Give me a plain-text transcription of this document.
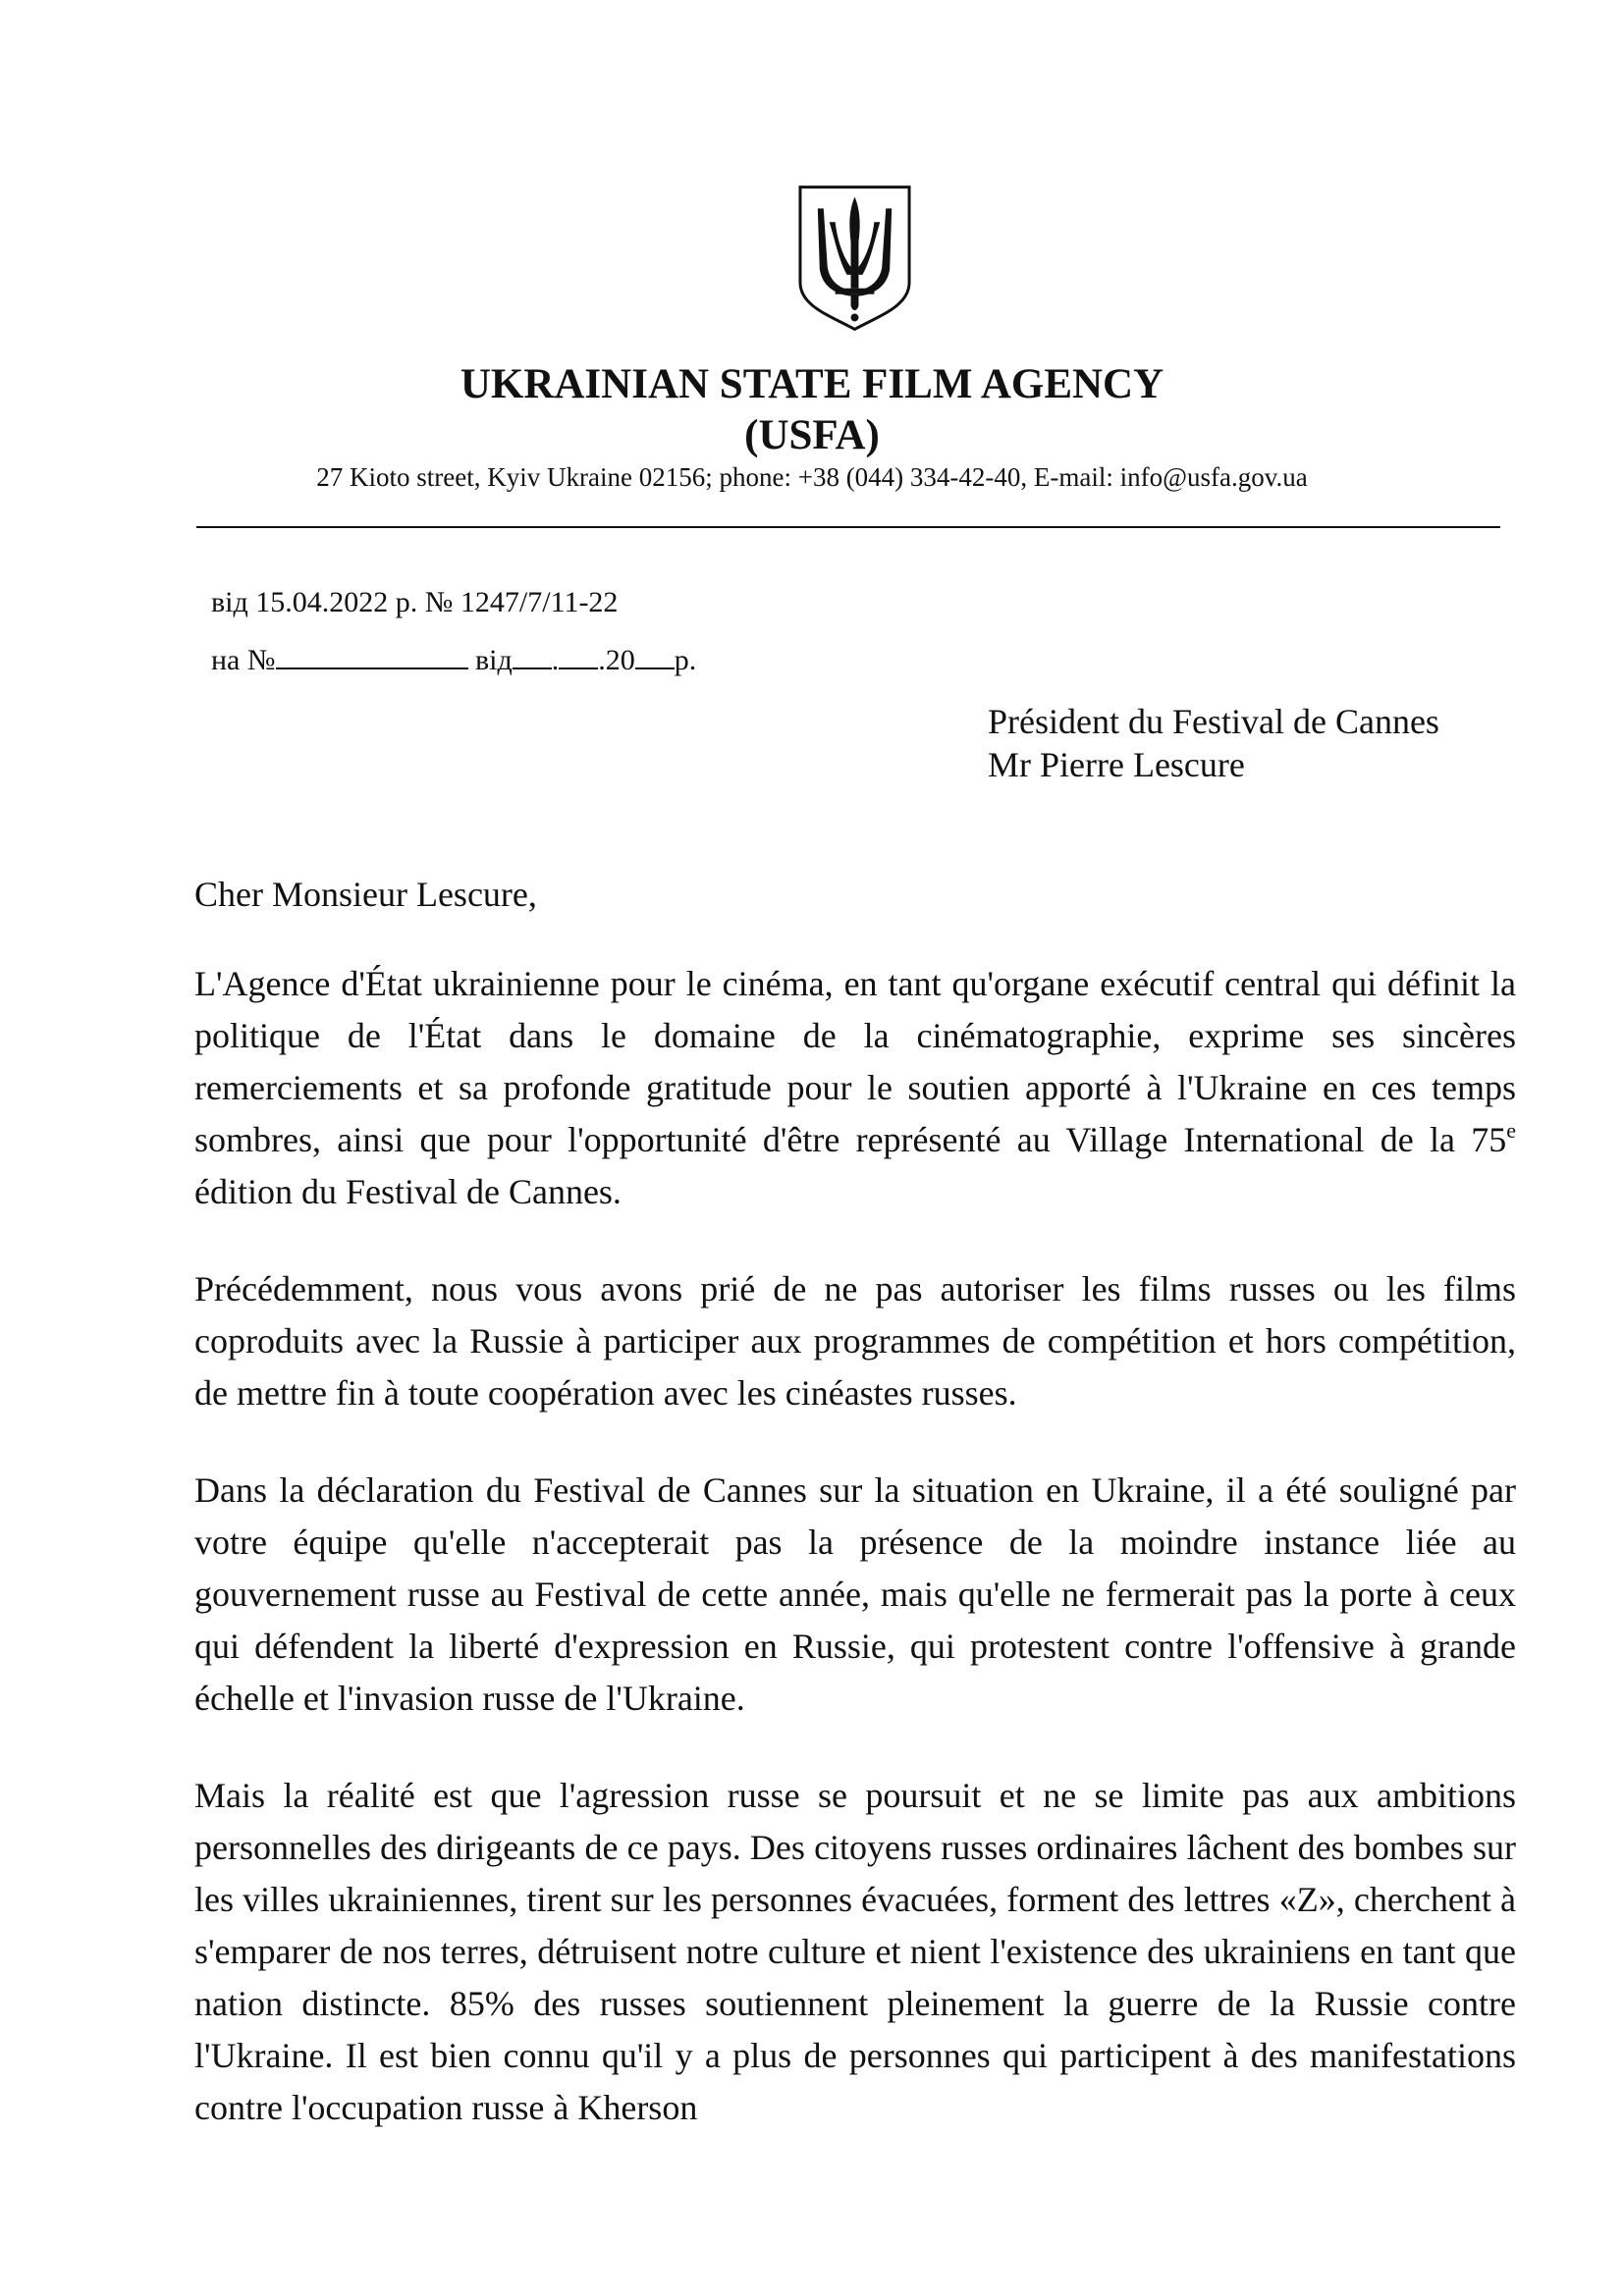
UKRAINIAN STATE FILM AGENCY
(USFA)
27 Kioto street, Kyiv Ukraine 02156; phone: +38 (044) 334-42-40, E-mail: info@usfa.gov.ua
від 15.04.2022 р. № 1247/7/11-22
на №	від . .20 р.
Président du Festival de Cannes
Mr Pierre Lescure
Cher Monsieur Lescure,

L'Agence d'État ukrainienne pour le cinéma, en tant qu'organe exécutif central qui définit la politique de l'État dans le domaine de la cinématographie, exprime ses sincères remerciements et sa profonde gratitude pour le soutien apporté à l'Ukraine en ces temps sombres, ainsi que pour l'opportunité d'être représenté au Village International de la 75e édition du Festival de Cannes.

Précédemment, nous vous avons prié de ne pas autoriser les films russes ou les films coproduits avec la Russie à participer aux programmes de compétition et hors compétition, de mettre fin à toute coopération avec les cinéastes russes.

Dans la déclaration du Festival de Cannes sur la situation en Ukraine, il a été souligné par votre équipe qu'elle n'accepterait pas la présence de la moindre instance liée au gouvernement russe au Festival de cette année, mais qu'elle ne fermerait pas la porte à ceux qui défendent la liberté d'expression en Russie, qui protestent contre l'offensive à grande échelle et l'invasion russe de l'Ukraine.

Mais la réalité est que l'agression russe se poursuit et ne se limite pas aux ambitions personnelles des dirigeants de ce pays. Des citoyens russes ordinaires lâchent des bombes sur les villes ukrainiennes, tirent sur les personnes évacuées, forment des lettres «Z», cherchent à s'emparer de nos terres, détruisent notre culture et nient l'existence des ukrainiens en tant que nation distincte. 85% des russes soutiennent pleinement la guerre de la Russie contre l'Ukraine. Il est bien connu qu'il y a plus de personnes qui participent à des manifestations contre l'occupation russe à Kherson
